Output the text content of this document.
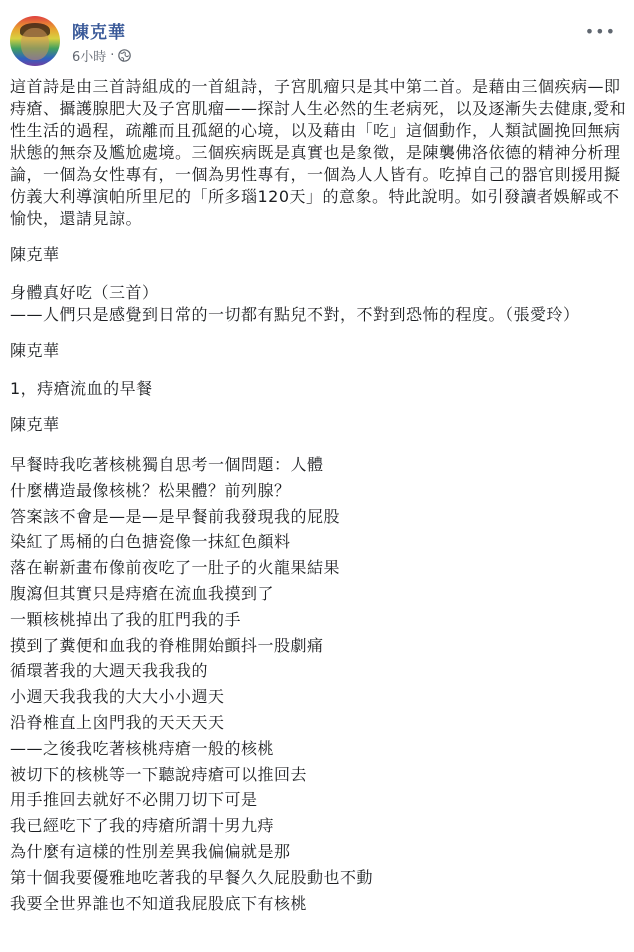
陳克華
6小時 ·
•••
這首詩是由三首詩組成的一首組詩，子宮肌瘤只是其中第二首。是藉由三個疾病—即痔瘡、攝護腺肥大及子宮肌瘤——探討人生必然的生老病死，以及逐漸失去健康,愛和性生活的過程，疏離而且孤絕的心境，以及藉由「吃」這個動作，人類試圖挽回無病狀態的無奈及尷尬處境。三個疾病既是真實也是象徵，是陳襲佛洛依德的精神分析理論，一個為女性專有，一個為男性專有，一個為人人皆有。吃掉自己的器官則援用擬仿義大利導演帕所里尼的「所多瑙120天」的意象。特此說明。如引發讀者娛解或不愉快，還請見諒。
陳克華
身體真好吃（三首）
——人們只是感覺到日常的一切都有點兒不對，不對到恐怖的程度。（張愛玲）
陳克華
1，痔瘡流血的早餐
陳克華
早餐時我吃著核桃獨自思考一個問題：人體
什麼構造最像核桃？松果體？前列腺？
答案該不會是—是—是早餐前我發現我的屁股
染紅了馬桶的白色搪瓷像一抹紅色顏料
落在嶄新畫布像前夜吃了一肚子的火龍果結果
腹瀉但其實只是痔瘡在流血我摸到了
一顆核桃掉出了我的肛門我的手
摸到了糞便和血我的脊椎開始顫抖一股劇痛
循環著我的大週天我我我的
小週天我我我的大大小小週天
沿脊椎直上囟門我的天天天天
——之後我吃著核桃痔瘡一般的核桃
被切下的核桃等一下聽說痔瘡可以推回去
用手推回去就好不必開刀切下可是
我已經吃下了我的痔瘡所謂十男九痔
為什麼有這樣的性別差異我偏偏就是那
第十個我要優雅地吃著我的早餐久久屁股動也不動
我要全世界誰也不知道我屁股底下有核桃
